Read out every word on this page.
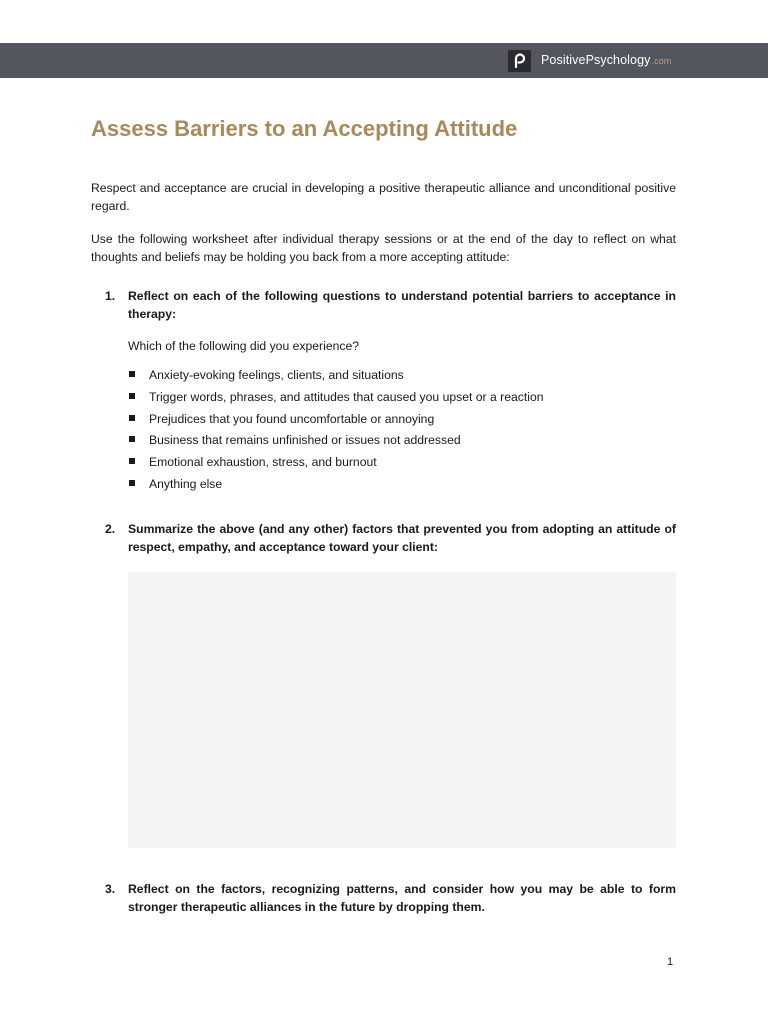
PositivePsychology.com
Assess Barriers to an Accepting Attitude

Respect and acceptance are crucial in developing a positive therapeutic alliance and unconditional positive regard.

Use the following worksheet after individual therapy sessions or at the end of the day to reflect on what thoughts and beliefs may be holding you back from a more accepting attitude:

1.	Reflect on each of the following questions to understand potential barriers to acceptance in therapy:

Which of the following did you experience?

Anxiety-evoking feelings, clients, and situations
Trigger words, phrases, and attitudes that caused you upset or a reaction
Prejudices that you found uncomfortable or annoying
Business that remains unfinished or issues not addressed
Emotional exhaustion, stress, and burnout
Anything else
2.	Summarize the above (and any other) factors that prevented you from adopting an attitude of respect, empathy, and acceptance toward your client:
3.	Reflect on the factors, recognizing patterns, and consider how you may be able to form stronger therapeutic alliances in the future by dropping them.
1
